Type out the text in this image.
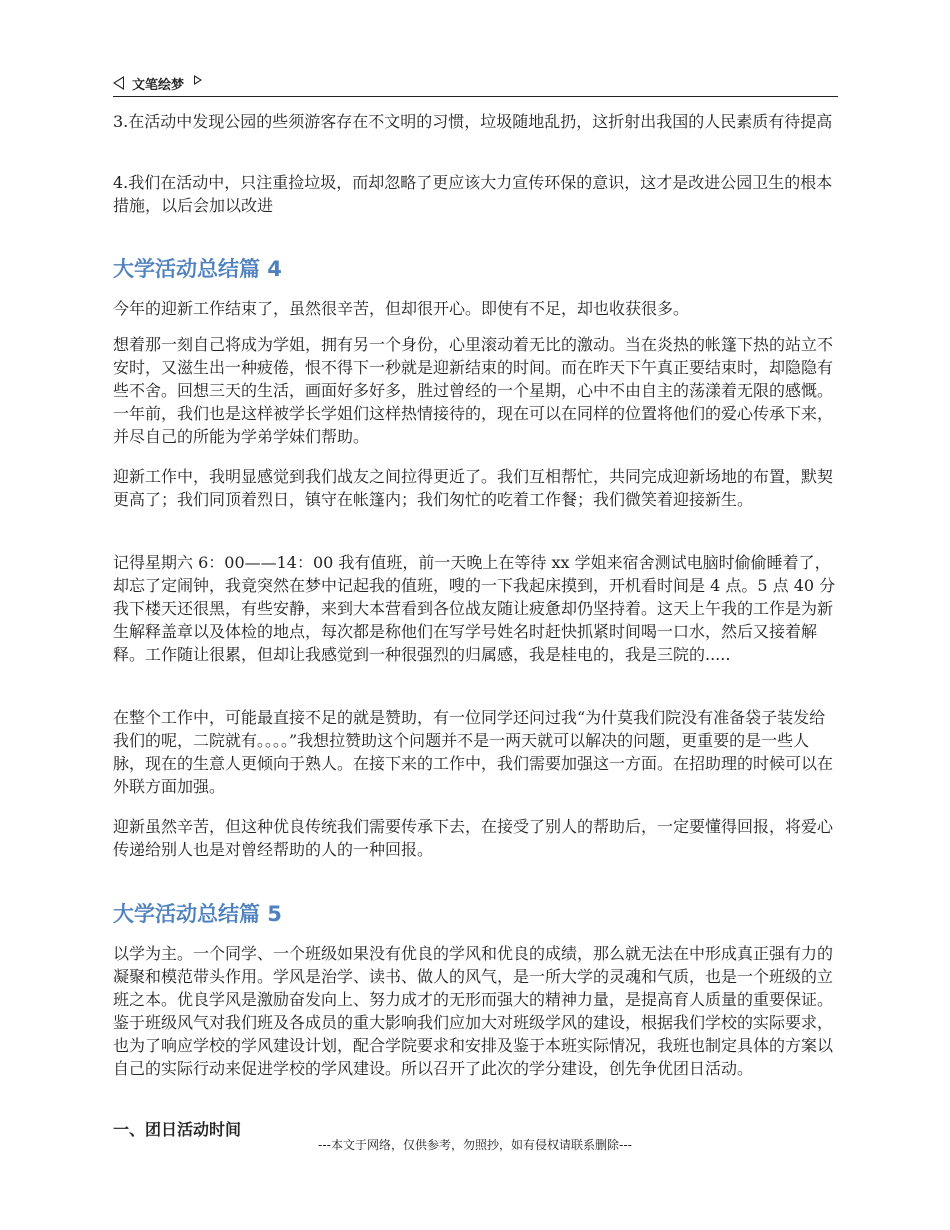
文笔绘梦

3.在活动中发现公园的些须游客存在不文明的习惯，垃圾随地乱扔，这折射出我国的人民素质有待提高

4.我们在活动中，只注重捡垃圾，而却忽略了更应该大力宣传环保的意识，这才是改进公园卫生的根本措施，以后会加以改进

大学活动总结篇 4

今年的迎新工作结束了，虽然很辛苦，但却很开心。即使有不足，却也收获很多。

想着那一刻自己将成为学姐，拥有另一个身份，心里滚动着无比的激动。当在炎热的帐篷下热的站立不安时，又滋生出一种疲倦，恨不得下一秒就是迎新结束的时间。而在昨天下午真正要结束时，却隐隐有些不舍。回想三天的生活，画面好多好多，胜过曾经的一个星期，心中不由自主的荡漾着无限的感慨。一年前，我们也是这样被学长学姐们这样热情接待的，现在可以在同样的位置将他们的爱心传承下来，并尽自己的所能为学弟学妹们帮助。

迎新工作中，我明显感觉到我们战友之间拉得更近了。我们互相帮忙，共同完成迎新场地的布置，默契更高了；我们同顶着烈日，镇守在帐篷内；我们匆忙的吃着工作餐；我们微笑着迎接新生。

记得星期六 6：00——14：00 我有值班，前一天晚上在等待 xx 学姐来宿舍测试电脑时偷偷睡着了，却忘了定闹钟，我竟突然在梦中记起我的值班，嗖的一下我起床摸到，开机看时间是 4 点。5 点 40 分我下楼天还很黑，有些安静，来到大本营看到各位战友随让疲惫却仍坚持着。这天上午我的工作是为新生解释盖章以及体检的地点，每次都是称他们在写学号姓名时赶快抓紧时间喝一口水，然后又接着解释。工作随让很累，但却让我感觉到一种很强烈的归属感，我是桂电的，我是三院的.....

在整个工作中，可能最直接不足的就是赞助，有一位同学还问过我“为什莫我们院没有准备袋子装发给我们的呢，二院就有。。。。”我想拉赞助这个问题并不是一两天就可以解决的问题，更重要的是一些人脉，现在的生意人更倾向于熟人。在接下来的工作中，我们需要加强这一方面。在招助理的时候可以在外联方面加强。

迎新虽然辛苦，但这种优良传统我们需要传承下去，在接受了别人的帮助后，一定要懂得回报，将爱心传递给别人也是对曾经帮助的人的一种回报。

大学活动总结篇 5

以学为主。一个同学、一个班级如果没有优良的学风和优良的成绩，那么就无法在中形成真正强有力的凝聚和模范带头作用。学风是治学、读书、做人的风气，是一所大学的灵魂和气质，也是一个班级的立班之本。优良学风是激励奋发向上、努力成才的无形而强大的精神力量，是提高育人质量的重要保证。鉴于班级风气对我们班及各成员的重大影响我们应加大对班级学风的建设，根据我们学校的实际要求，也为了响应学校的学风建设计划，配合学院要求和安排及鉴于本班实际情况，我班也制定具体的方案以自己的实际行动来促进学校的学风建设。所以召开了此次的学分建设，创先争优团日活动。

一、团日活动时间
---本文于网络，仅供参考，勿照抄，如有侵权请联系删除---
